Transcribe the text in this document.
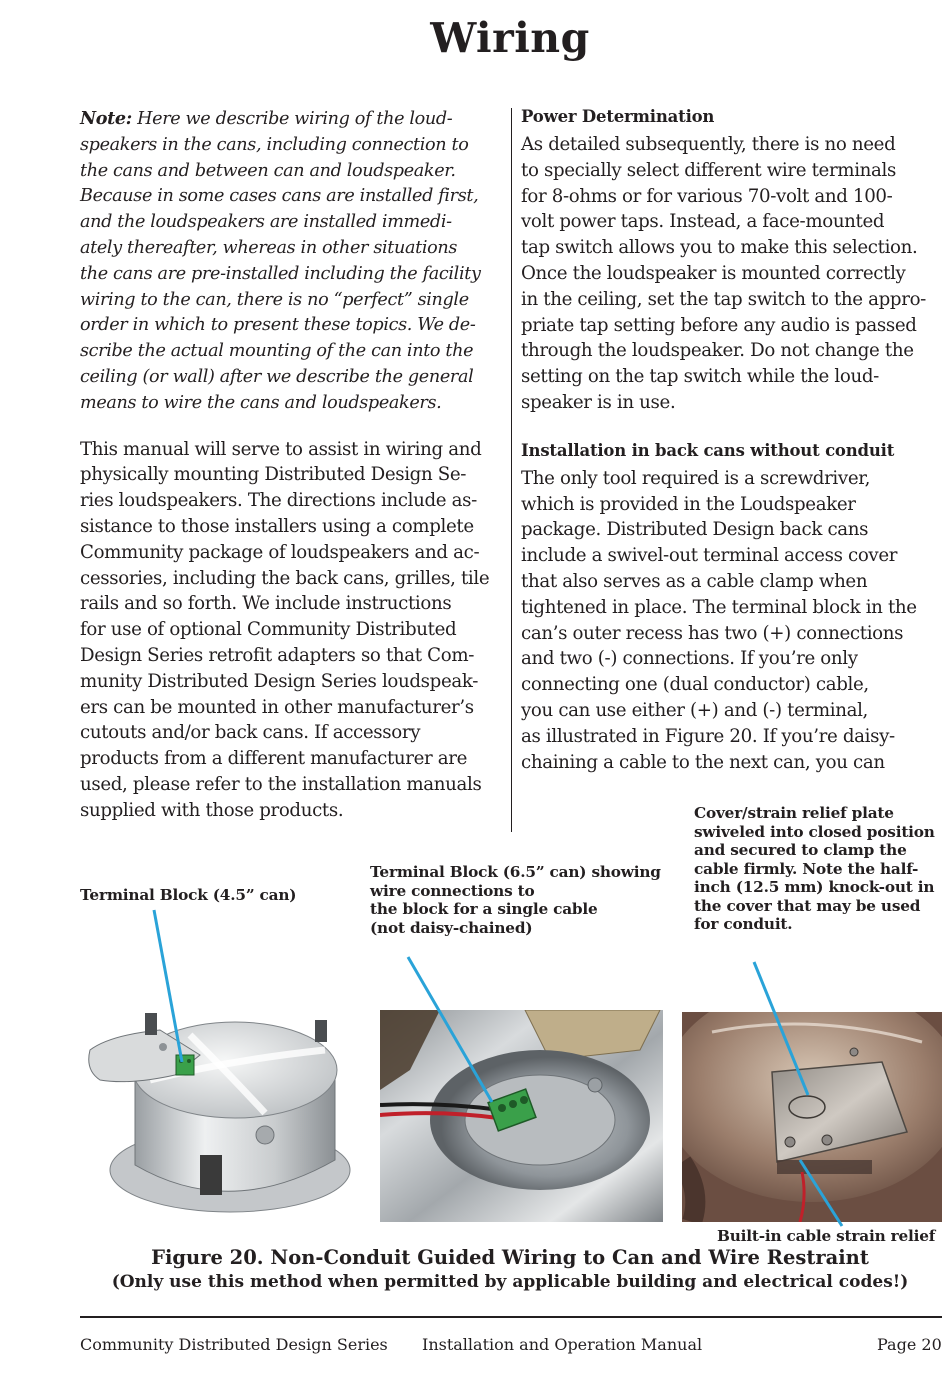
Wiring
Note: Here we describe wiring of the loud-
speakers in the cans, including connection to
the cans and between can and loudspeaker.
Because in some cases cans are installed first,
and the loudspeakers are installed immedi-
ately thereafter, whereas in other situations
the cans are pre-installed including the facility
wiring to the can, there is no “perfect” single
order in which to present these topics. We de-
scribe the actual mounting of the can into the
ceiling (or wall) after we describe the general
means to wire the cans and loudspeakers.
This manual will serve to assist in wiring and
physically mounting Distributed Design Se-
ries loudspeakers. The directions include as-
sistance to those installers using a complete
Community package of loudspeakers and ac-
cessories, including the back cans, grilles, tile
rails and so forth. We include instructions
for use of optional Community Distributed
Design Series retrofit adapters so that Com-
munity Distributed Design Series loudspeak-
ers can be mounted in other manufacturer’s
cutouts and/or back cans. If accessory
products from a different manufacturer are
used, please refer to the installation manuals
supplied with those products.
Power Determination
As detailed subsequently, there is no need
to specially select different wire terminals
for 8-ohms or for various 70-volt and 100-
volt power taps. Instead, a face-mounted
tap switch allows you to make this selection.
Once the loudspeaker is mounted correctly
in the ceiling, set the tap switch to the appro-
priate tap setting before any audio is passed
through the loudspeaker. Do not change the
setting on the tap switch while the loud-
speaker is in use.
Installation in back cans without conduit
The only tool required is a screwdriver,
which is provided in the Loudspeaker
package. Distributed Design back cans
include a swivel-out terminal access cover
that also serves as a cable clamp when
tightened in place. The terminal block in the
can’s outer recess has two (+) connections
and two (-) connections. If you’re only
connecting one (dual conductor) cable,
you can use either (+) and (-) terminal,
as illustrated in Figure 20. If you’re daisy-
chaining a cable to the next can, you can
Terminal Block (4.5” can)
Terminal Block (6.5” can) showing
wire connections to
the block for a single cable
(not daisy-chained)
Cover/strain relief plate
swiveled into closed position
and secured to clamp the
cable firmly. Note the half-
inch (12.5 mm) knock-out in
the cover that may be used
for conduit.
Built-in cable strain relief
Figure 20. Non-Conduit Guided Wiring to Can and Wire Restraint
(Only use this method when permitted by applicable building and electrical codes!)
Community Distributed Design Series Installation and Operation Manual	Page 20
